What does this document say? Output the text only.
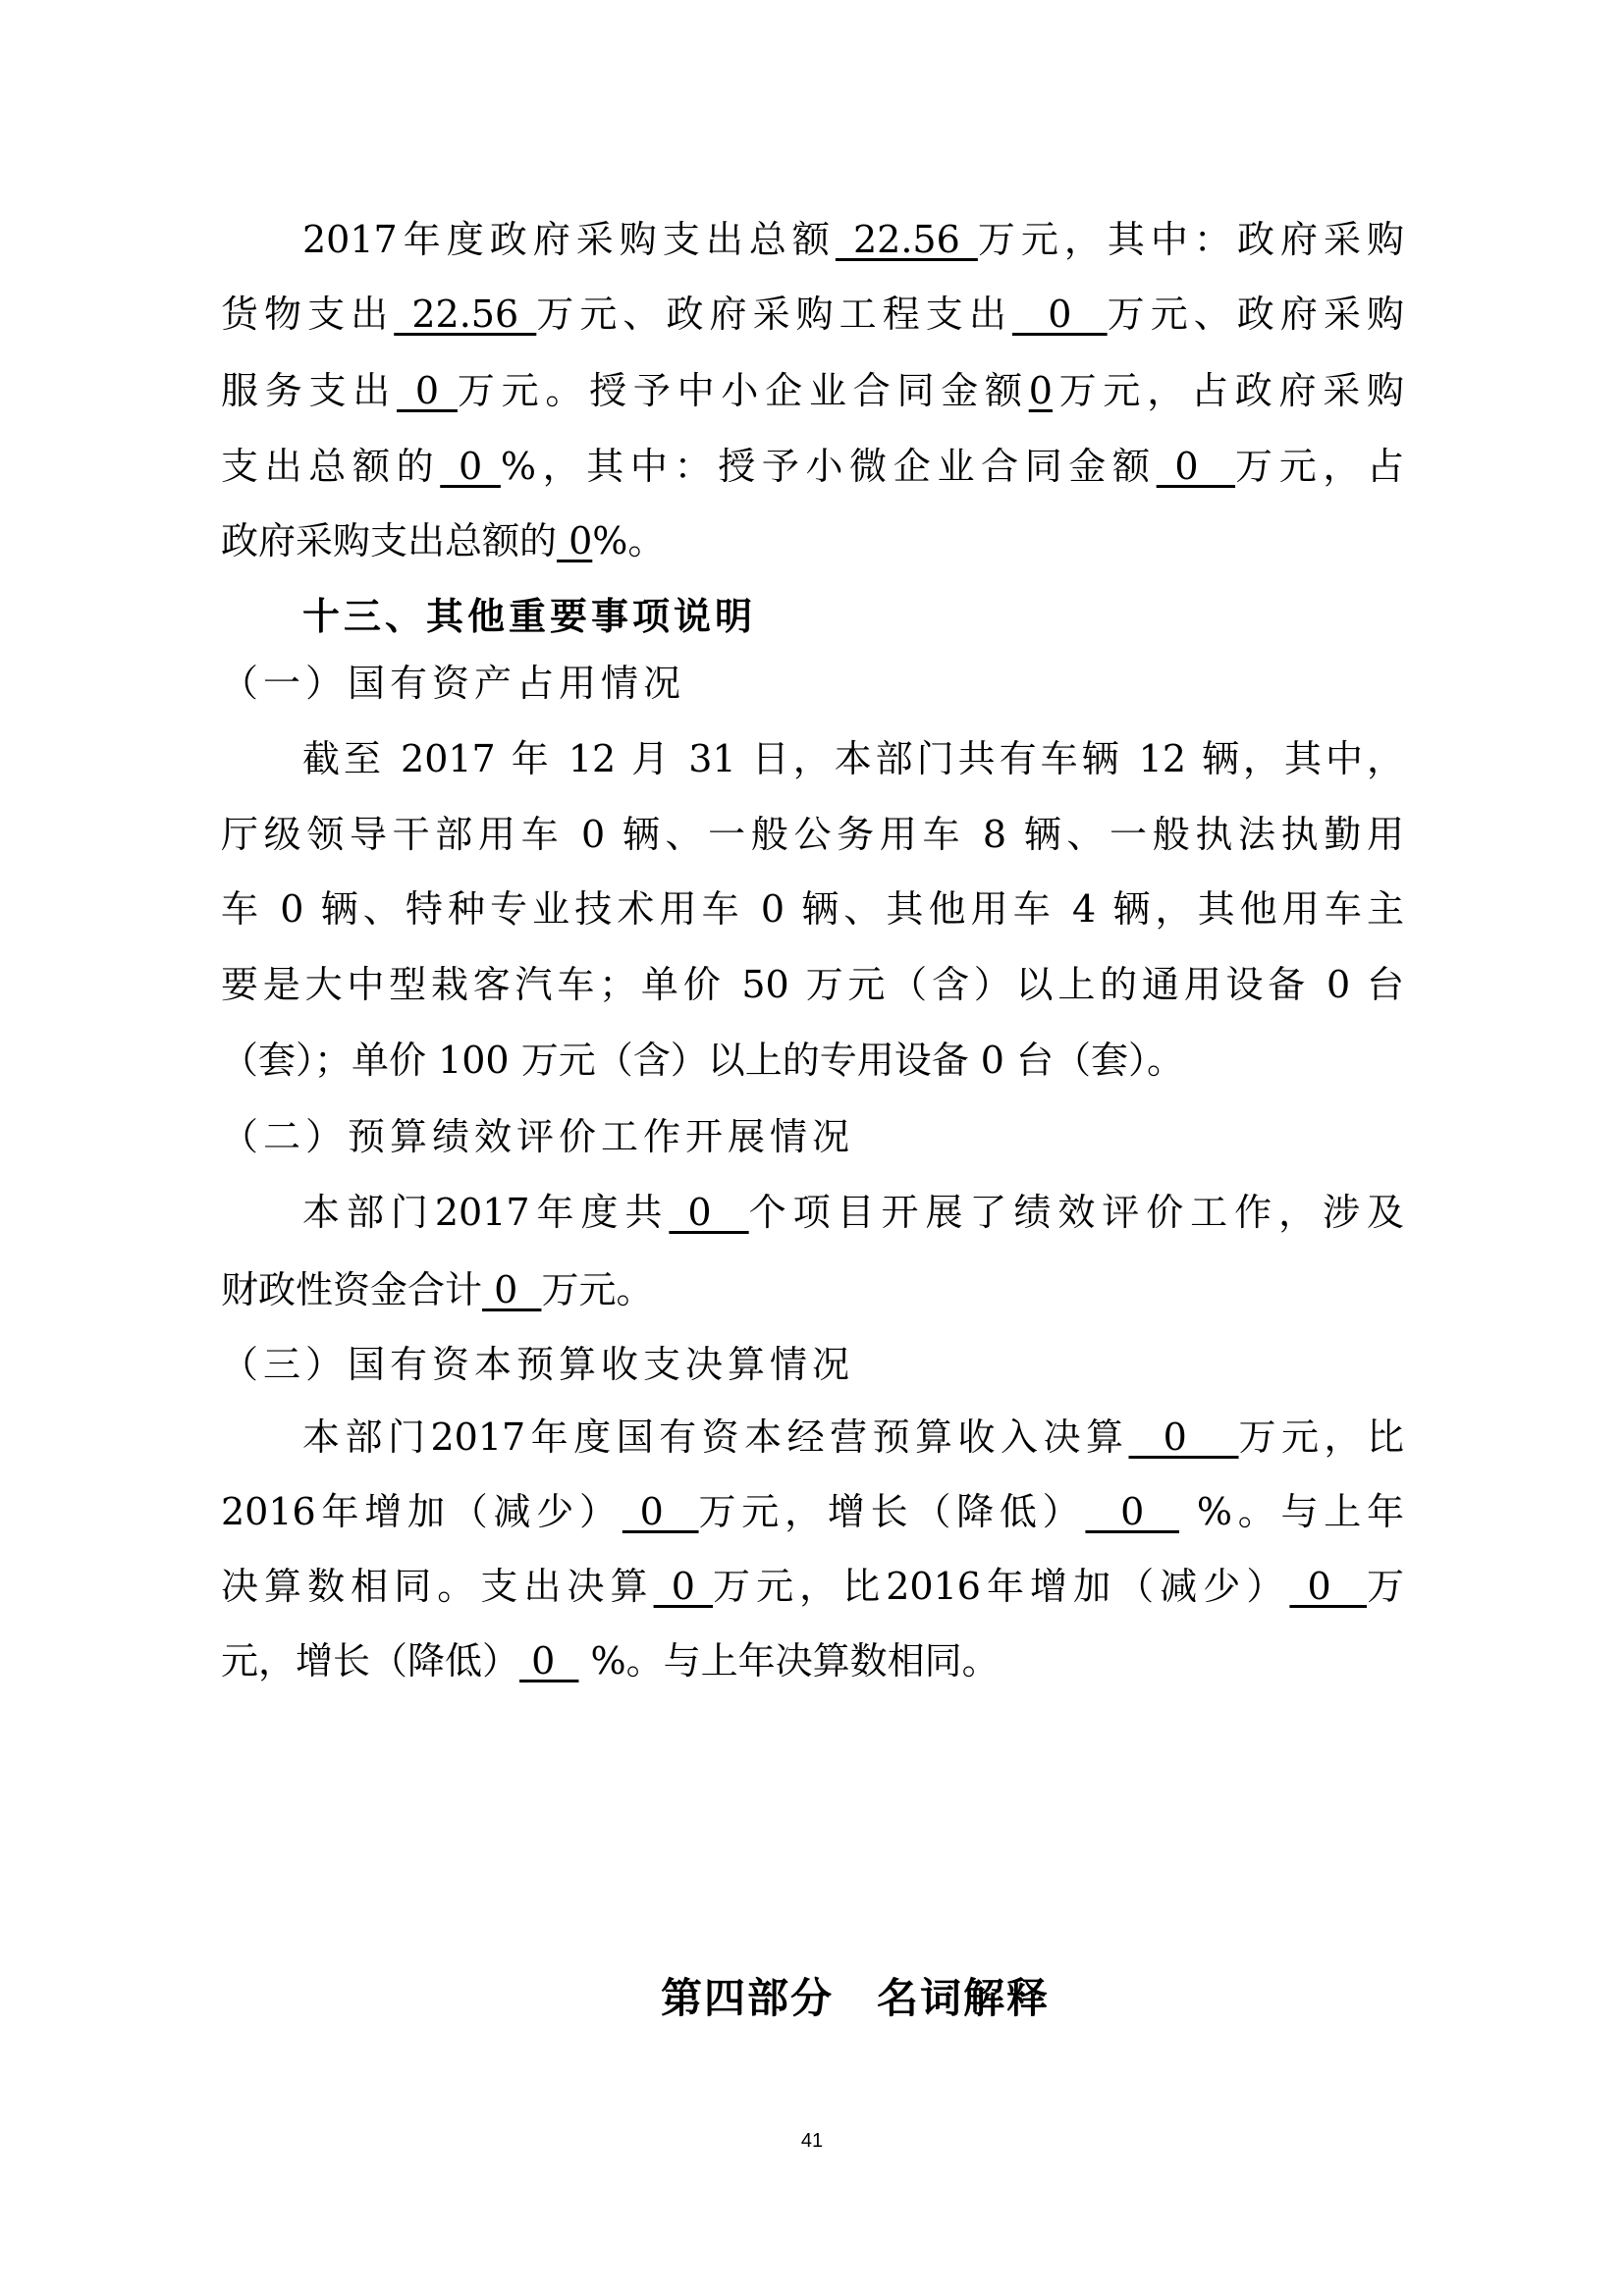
2017年度政府采购支出总额 22.56 万元，其中：政府采购
货物支出 22.56 万元、政府采购工程支出  0  万元、政府采购
服务支出 0 万元。授予中小企业合同金额0万元，占政府采购
支出总额的 0 %，其中：授予小微企业合同金额 0  万元，占
政府采购支出总额的 0%。
十三、其他重要事项说明
（一）国有资产占用情况
截至 2017 年 12 月 31 日，本部门共有车辆 12 辆，其中，
厅级领导干部用车 0 辆、一般公务用车 8 辆、一般执法执勤用
车 0 辆、特种专业技术用车 0 辆、其他用车 4 辆，其他用车主
要是大中型栽客汽车；单价 50 万元（含）以上的通用设备 0 台
（套）；单价 100 万元（含）以上的专用设备 0 台（套）。
（二）预算绩效评价工作开展情况
本部门2017年度共 0  个项目开展了绩效评价工作，涉及
财政性资金合计 0  万元。
（三）国有资本预算收支决算情况
本部门2017年度国有资本经营预算收入决算  0   万元，比
2016年增加（减少） 0  万元，增长（降低）  0   %。与上年
决算数相同。支出决算 0 万元，比2016年增加（减少） 0  万
元，增长（降低） 0   %。与上年决算数相同。
第四部分　名词解释
41
